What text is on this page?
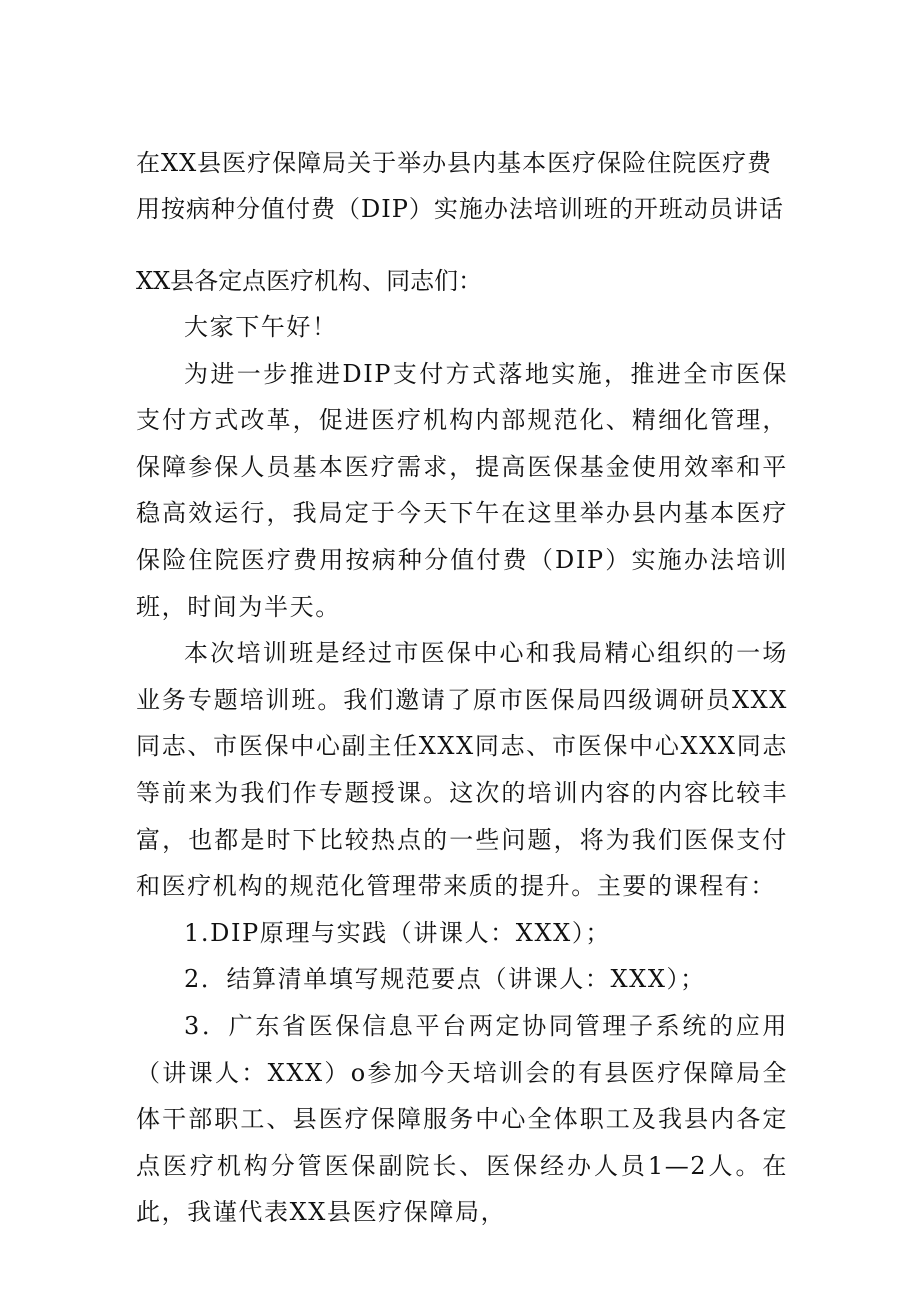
在XX县医疗保障局关于举办县内基本医疗保险住院医疗费用按病种分值付费（DIP）实施办法培训班的开班动员讲话

XX县各定点医疗机构、同志们：

大家下午好！

为进一步推进DIP支付方式落地实施，推进全市医保支付方式改革，促进医疗机构内部规范化、精细化管理，保障参保人员基本医疗需求，提高医保基金使用效率和平稳高效运行，我局定于今天下午在这里举办县内基本医疗保险住院医疗费用按病种分值付费（DIP）实施办法培训班，时间为半天。

本次培训班是经过市医保中心和我局精心组织的一场业务专题培训班。我们邀请了原市医保局四级调研员XXX同志、市医保中心副主任XXX同志、市医保中心XXX同志等前来为我们作专题授课。这次的培训内容的内容比较丰富，也都是时下比较热点的一些问题，将为我们医保支付和医疗机构的规范化管理带来质的提升。主要的课程有：

1.DIP原理与实践（讲课人：XXX）；

2．结算清单填写规范要点（讲课人：XXX）；

3．广东省医保信息平台两定协同管理子系统的应用（讲课人：XXX）o参加今天培训会的有县医疗保障局全体干部职工、县医疗保障服务中心全体职工及我县内各定点医疗机构分管医保副院长、医保经办人员1—2人。在此，我谨代表XX县医疗保障局，
